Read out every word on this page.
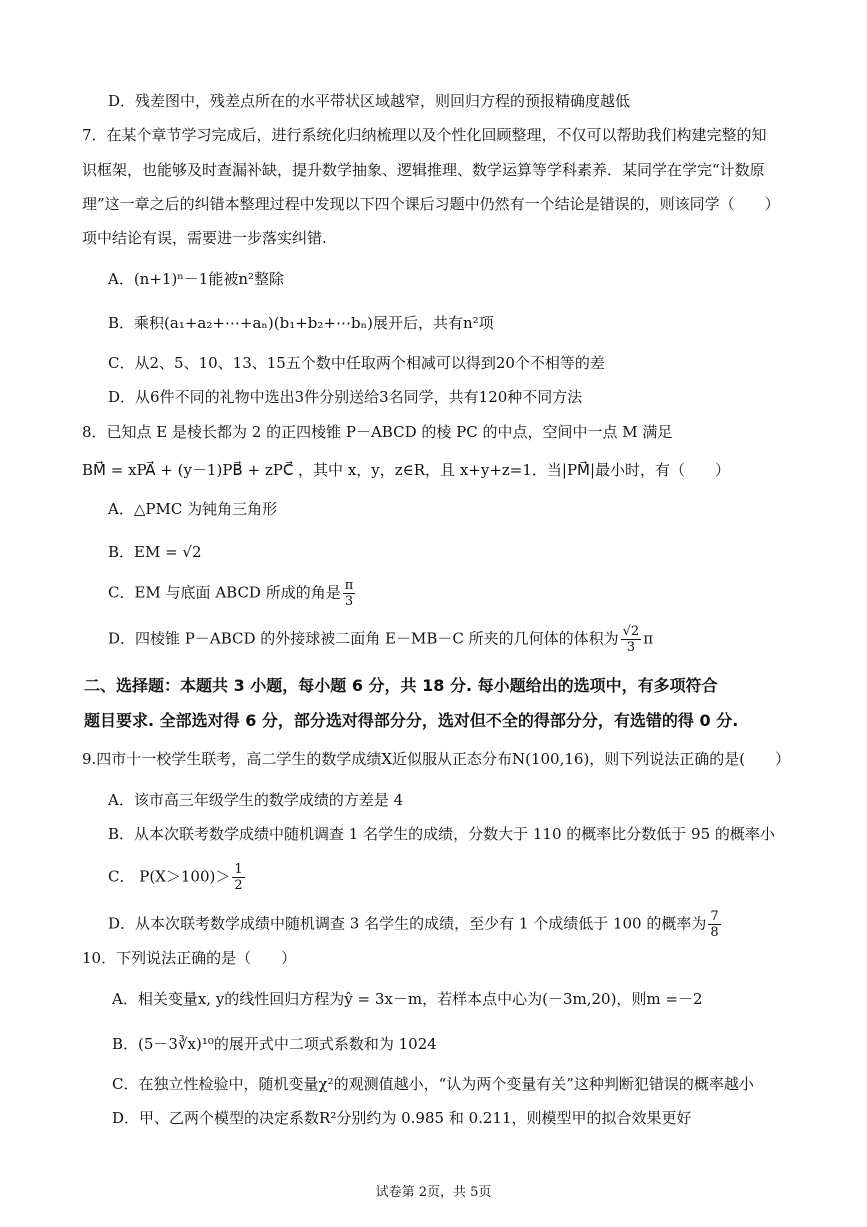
D．残差图中，残差点所在的水平带状区域越窄，则回归方程的预报精确度越低
7．在某个章节学习完成后，进行系统化归纳梳理以及个性化回顾整理，不仅可以帮助我们构建完整的知
识框架，也能够及时查漏补缺，提升数学抽象、逻辑推理、数学运算等学科素养．某同学在学完“计数原
理”这一章之后的纠错本整理过程中发现以下四个课后习题中仍然有一个结论是错误的，则该同学（　　）
项中结论有误，需要进一步落实纠错.
A．(n+1)ⁿ－1能被n²整除
B．乘积(a₁+a₂+⋯+aₙ)(b₁+b₂+⋯bₙ)展开后，共有n²项
C．从2、5、10、13、15五个数中任取两个相减可以得到20个不相等的差
D．从6件不同的礼物中选出3件分别送给3名同学，共有120种不同方法
8．已知点 E 是棱长都为 2 的正四棱锥 P－ABCD 的棱 PC 的中点，空间中一点 M 满足
BM⃗ = xPA⃗ + (y－1)PB⃗ + zPC⃗ ，其中 x，y，z∈R，且 x+y+z=1．当|PM⃗|最小时，有（　　）
A．△PMC 为钝角三角形
B．EM = √2
C．EM 与底面 ABCD 所成的角是 $\frac{\pi}{3}$
D．四棱锥 P－ABCD 的外接球被二面角 E－MB－C 所夹的几何体的体积为 $\frac{√2}{3}$ π
二、选择题：本题共 3 小题，每小题 6 分，共 18 分. 每小题给出的选项中，有多项符合
题目要求. 全部选对得 6 分，部分选对得部分分，选对但不全的得部分分，有选错的得 0 分.
9.四市十一校学生联考，高二学生的数学成绩X近似服从正态分布N(100,16)，则下列说法正确的是(　　）
A．该市高三年级学生的数学成绩的方差是 4
B．从本次联考数学成绩中随机调查 1 名学生的成绩，分数大于 110 的概率比分数低于 95 的概率小
C． $P(X>100)> \frac{1}{2}$
D．从本次联考数学成绩中随机调查 3 名学生的成绩，至少有 1 个成绩低于 100 的概率为 $\frac{7}{8}$
10．下列说法正确的是（　　）
A．相关变量x, y的线性回归方程为ŷ = 3x－m，若样本点中心为(－3m,20)，则m =－2
B．(5－3∛x)¹⁰的展开式中二项式系数和为 1024
C．在独立性检验中，随机变量χ²的观测值越小，“认为两个变量有关”这种判断犯错误的概率越小
D．甲、乙两个模型的决定系数R²分别约为 0.985 和 0.211，则模型甲的拟合效果更好
试卷第 2页，共 5页
